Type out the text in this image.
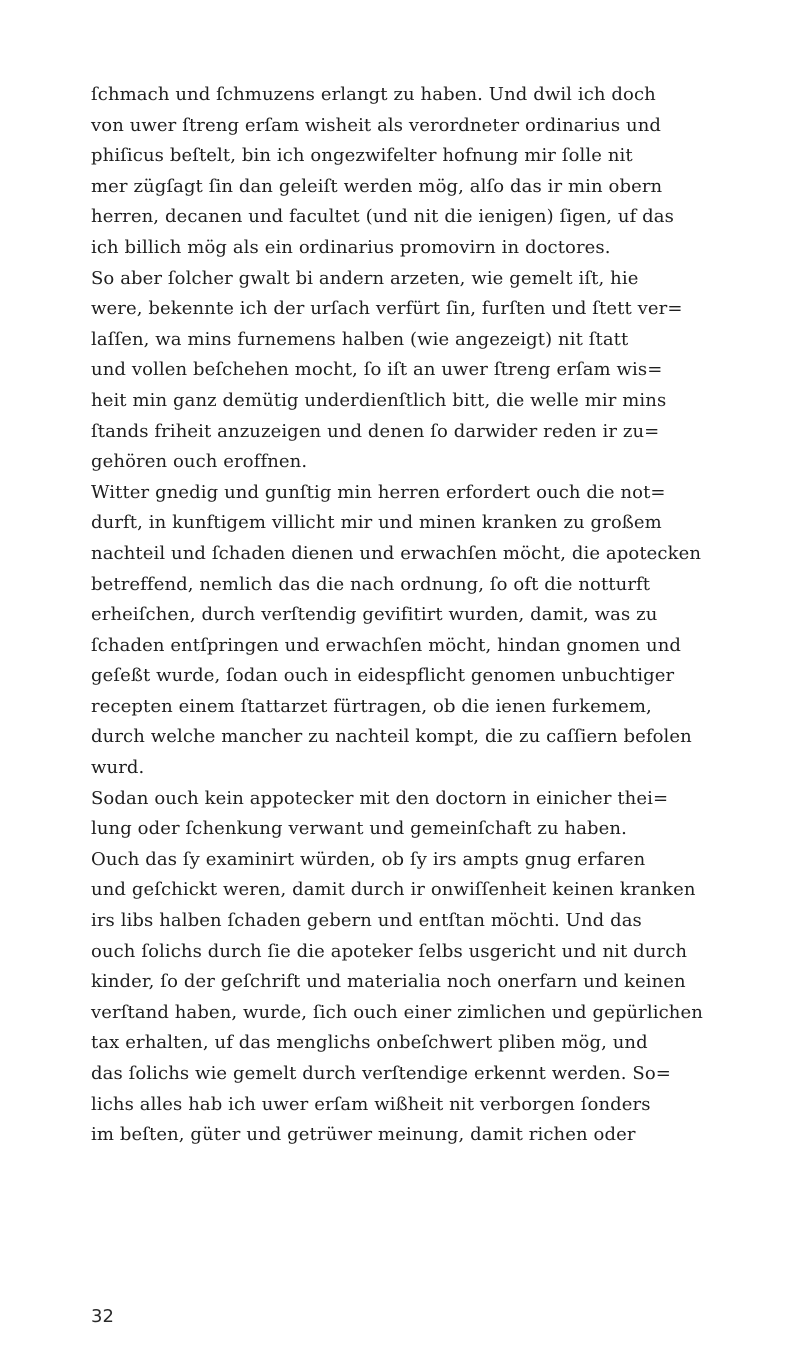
ſchmach und ſchmuzens erlangt zu haben. Und dwil ich doch
von uwer ſtreng erſam wisheit als verordneter ordinarius und
phiſicus beſtelt, bin ich ongezwifelter hofnung mir ſolle nit
mer zügſagt ſin dan geleiſt werden mög, alſo das ir min obern
herren, decanen und facultet (und nit die ienigen) ſigen, uf das
ich billich mög als ein ordinarius promovirn in doctores.
So aber ſolcher gwalt bi andern arzeten, wie gemelt iſt, hie
were, bekennte ich der urſach verfürt ſin, furſten und ſtett ver=
laſſen, wa mins furnemens halben (wie angezeigt) nit ſtatt
und vollen beſchehen mocht, ſo iſt an uwer ſtreng erſam wis=
heit min ganz demütig underdienſtlich bitt, die welle mir mins
ſtands friheit anzuzeigen und denen ſo darwider reden ir zu=
gehören ouch eroffnen.
Witter gnedig und gunſtig min herren erfordert ouch die not=
durft, in kunftigem villicht mir und minen kranken zu großem
nachteil und ſchaden dienen und erwachſen möcht, die apotecken
betreffend, nemlich das die nach ordnung, ſo oft die notturft
erheiſchen, durch verſtendig gevifitirt wurden, damit, was zu
ſchaden entſpringen und erwachſen möcht, hindan gnomen und
geſeßt wurde, ſodan ouch in eidespflicht genomen unbuchtiger
recepten einem ſtattarzet fürtragen, ob die ienen furkemem,
durch welche mancher zu nachteil kompt, die zu caſſiern befolen
wurd.
Sodan ouch kein appotecker mit den doctorn in einicher thei=
lung oder ſchenkung verwant und gemeinſchaft zu haben.
Ouch das ſy examinirt würden, ob ſy irs ampts gnug erfaren
und geſchickt weren, damit durch ir onwiſſenheit keinen kranken
irs libs halben ſchaden gebern und entſtan möchti. Und das
ouch ſolichs durch ſie die apoteker ſelbs usgericht und nit durch
kinder, ſo der geſchrift und materialia noch onerfarn und keinen
verſtand haben, wurde, ſich ouch einer zimlichen und gepürlichen
tax erhalten, uf das menglichs onbeſchwert pliben mög, und
das ſolichs wie gemelt durch verſtendige erkennt werden. So=
lichs alles hab ich uwer erſam wißheit nit verborgen ſonders
im beſten, güter und getrüwer meinung, damit richen oder
32
